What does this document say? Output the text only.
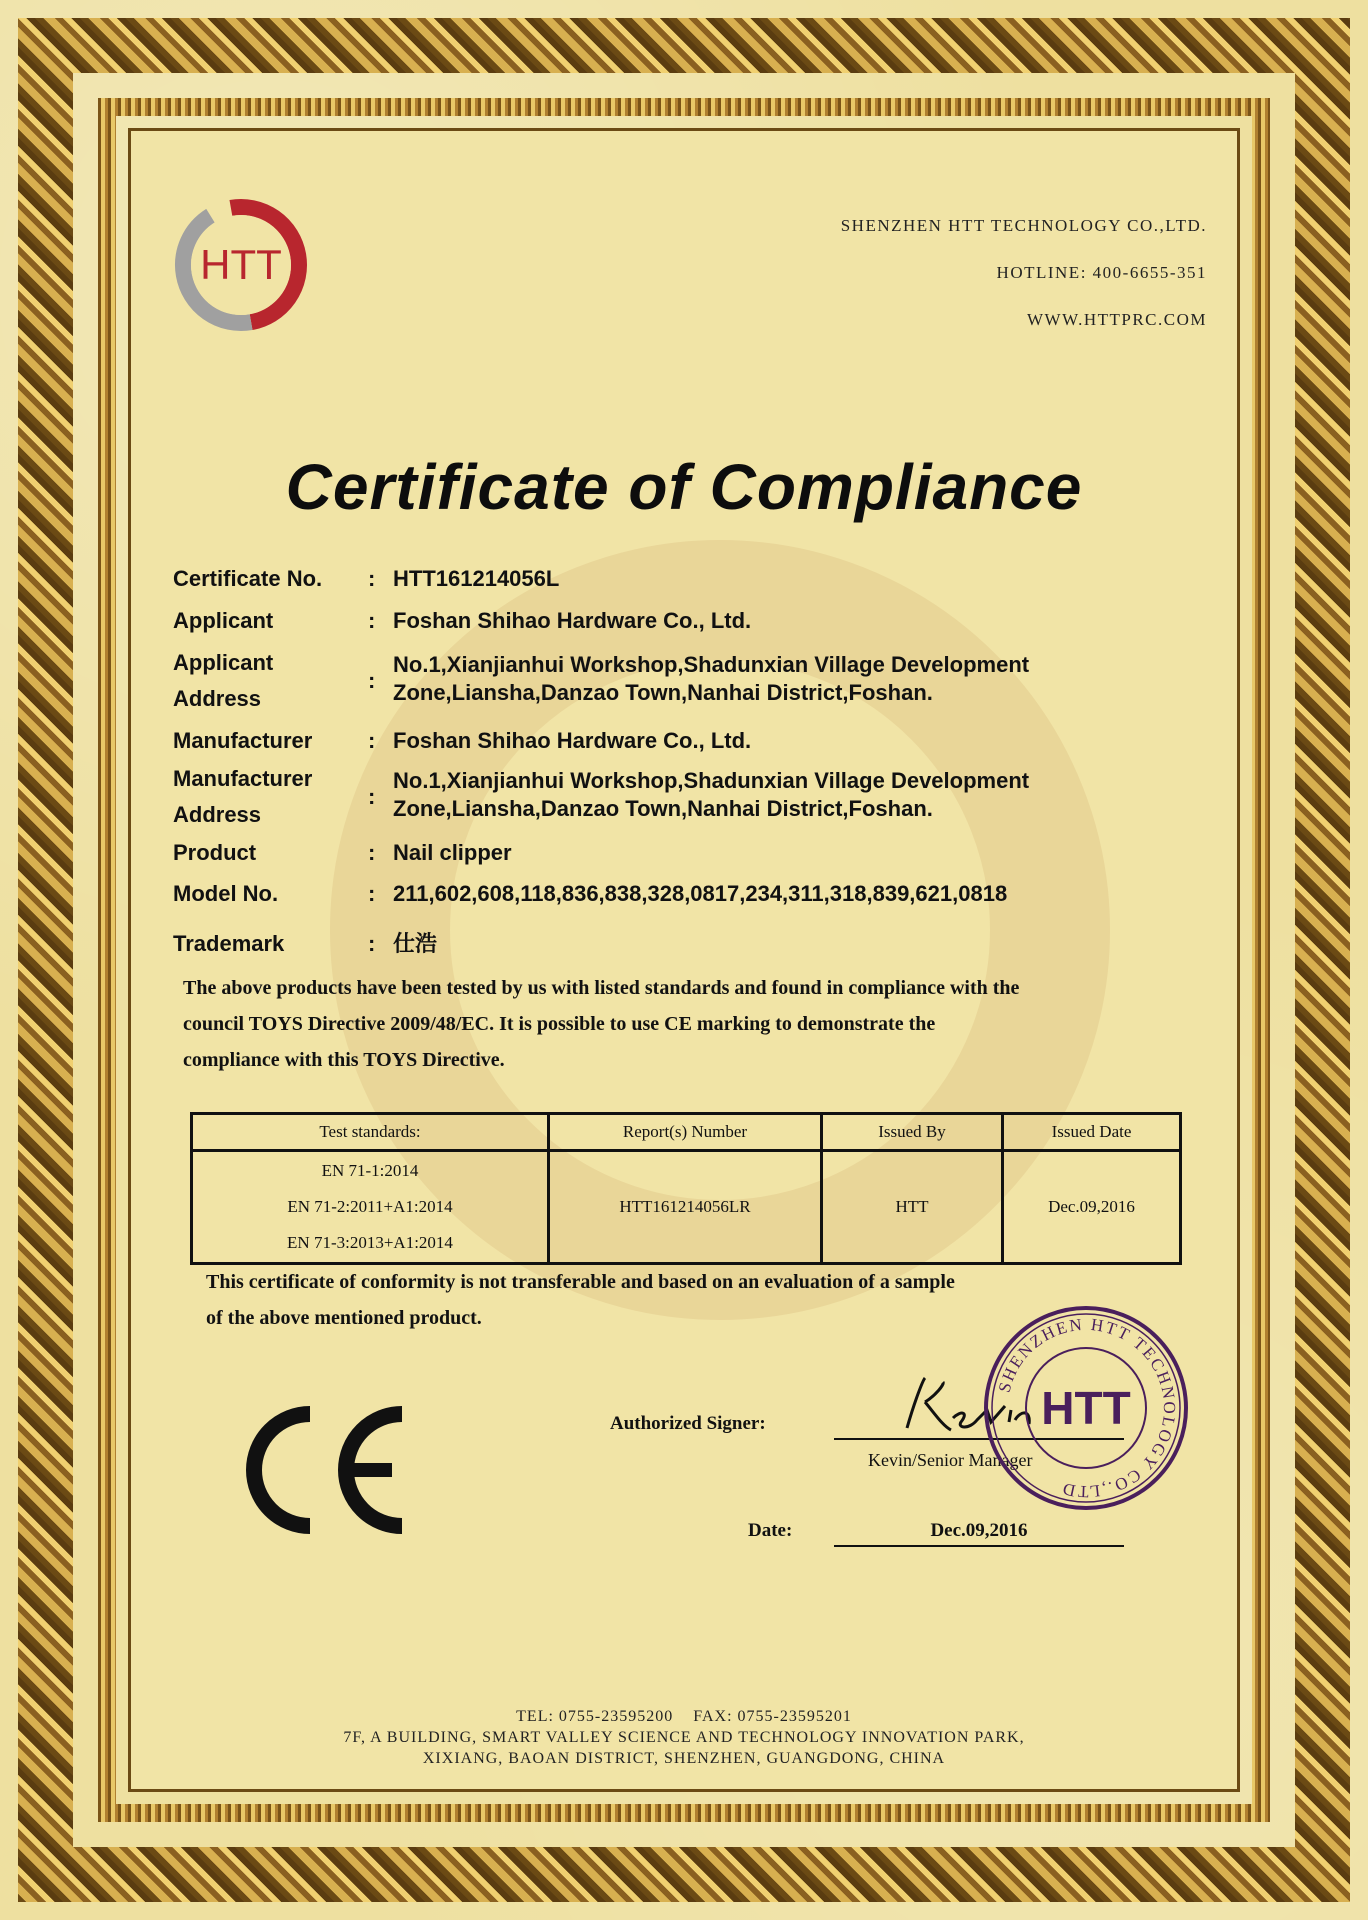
HTT
SHENZHEN HTT TECHNOLOGY CO.,LTD.
HOTLINE: 400-6655-351
WWW.HTTPRC.COM
Certificate of Compliance
Certificate No. : HTT161214056L
Applicant	: Foshan Shihao Hardware Co., Ltd.
Applicant
Address
:
No.1,Xianjianhui Workshop,Shadunxian Village Development
Zone,Liansha,Danzao Town,Nanhai District,Foshan.
Manufacturer	: Foshan Shihao Hardware Co., Ltd.
Manufacturer
Address
:
No.1,Xianjianhui Workshop,Shadunxian Village Development
Zone,Liansha,Danzao Town,Nanhai District,Foshan.
Product	: Nail clipper
Model No.	: 211,602,608,118,836,838,328,0817,234,311,318,839,621,0818
Trademark	: 仕浩
The above products have been tested by us with listed standards and found in compliance with the
council TOYS Directive 2009/48/EC. It is possible to use CE marking to demonstrate the
compliance with this TOYS Directive.
Test standards:	Report(s) Number	Issued By	Issued Date

EN 71-1:2014
EN 71-2:2011+A1:2014
EN 71-3:2013+A1:2014	HTT161214056LR	HTT	Dec.09,2016
This certificate of conformity is not transferable and based on an evaluation of a sample
of the above mentioned product.
Authorized Signer:
Kevin/Senior Manager
SHENZHEN HTT TECHNOLOGY CO.,LTD
HTT
Date:	Dec.09,2016
TEL: 0755-23595200    FAX: 0755-23595201
7F, A BUILDING, SMART VALLEY SCIENCE AND TECHNOLOGY INNOVATION PARK,
XIXIANG, BAOAN DISTRICT, SHENZHEN, GUANGDONG, CHINA
